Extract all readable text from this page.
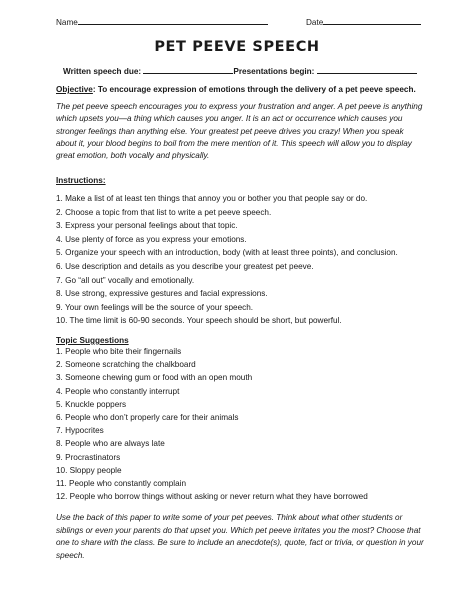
Name	Date
PET PEEVE SPEECH
Written speech due:	Presentations begin:
Objective: To encourage expression of emotions through the delivery of a pet peeve speech.

The pet peeve speech encourages you to express your frustration and anger. A pet peeve is anything which upsets you—a thing which causes you anger. It is an act or occurrence which causes you stronger feelings than anything else. Your greatest pet peeve drives you crazy! When you speak about it, your blood begins to boil from the mere mention of it. This speech will allow you to display great emotion, both vocally and physically.

Instructions:
1. Make a list of at least ten things that annoy you or bother you that people say or do.
2. Choose a topic from that list to write a pet peeve speech.
3. Express your personal feelings about that topic.
4. Use plenty of force as you express your emotions.
5. Organize your speech with an introduction, body (with at least three points), and conclusion.
6. Use description and details as you describe your greatest pet peeve.
7. Go “all out” vocally and emotionally.
8. Use strong, expressive gestures and facial expressions.
9. Your own feelings will be the source of your speech.
10. The time limit is 60-90 seconds. Your speech should be short, but powerful.
Topic Suggestions
1. People who bite their fingernails
2. Someone scratching the chalkboard
3. Someone chewing gum or food with an open mouth
4. People who constantly interrupt
5. Knuckle poppers
6. People who don’t properly care for their animals
7. Hypocrites
8. People who are always late
9. Procrastinators
10. Sloppy people
11. People who constantly complain
12. People who borrow things without asking or never return what they have borrowed

Use the back of this paper to write some of your pet peeves. Think about what other students or siblings or even your parents do that upset you. Which pet peeve irritates you the most? Choose that one to share with the class. Be sure to include an anecdote(s), quote, fact or trivia, or question in your speech.
